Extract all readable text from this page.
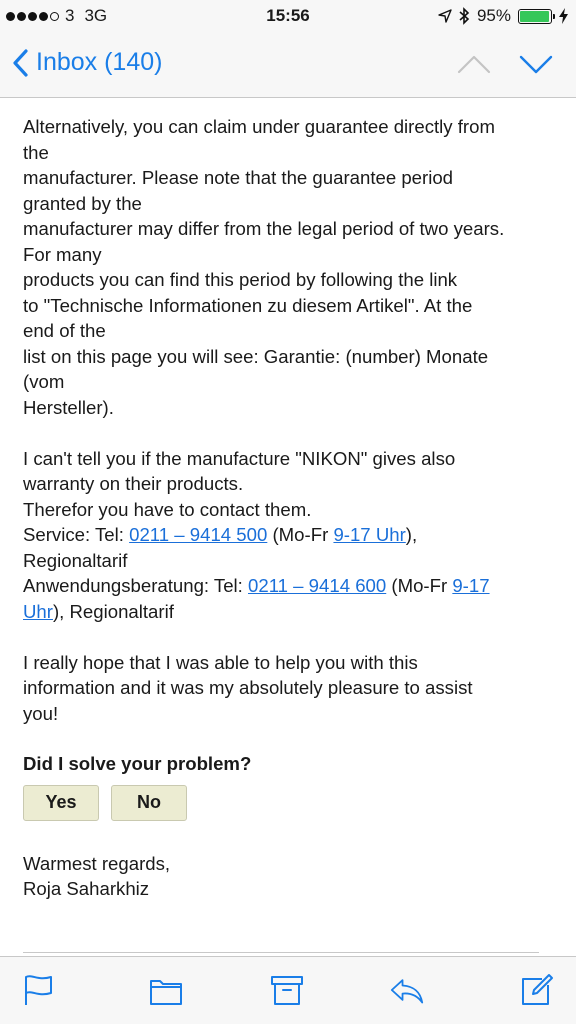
3 3G	15:56	95%
Inbox (140)
Alternatively, you can claim under guarantee directly from
the
manufacturer. Please note that the guarantee period
granted by the
manufacturer may differ from the legal period of two years.
For many
products you can find this period by following the link
to "Technische Informationen zu diesem Artikel". At the
end of the
list on this page you will see: Garantie: (number) Monate
(vom
Hersteller).
I can't tell you if the manufacture "NIKON" gives also
warranty on their products.
Therefor you have to contact them.
Service: Tel: 0211 – 9414 500 (Mo-Fr 9-17 Uhr),
Regionaltarif
Anwendungsberatung: Tel: 0211 – 9414 600 (Mo-Fr 9-17
Uhr), Regionaltarif
I really hope that I was able to help you with this
information and it was my absolutely pleasure to assist
you!
Did I solve your problem?
Yes	No
Warmest regards,
Roja Saharkhiz
